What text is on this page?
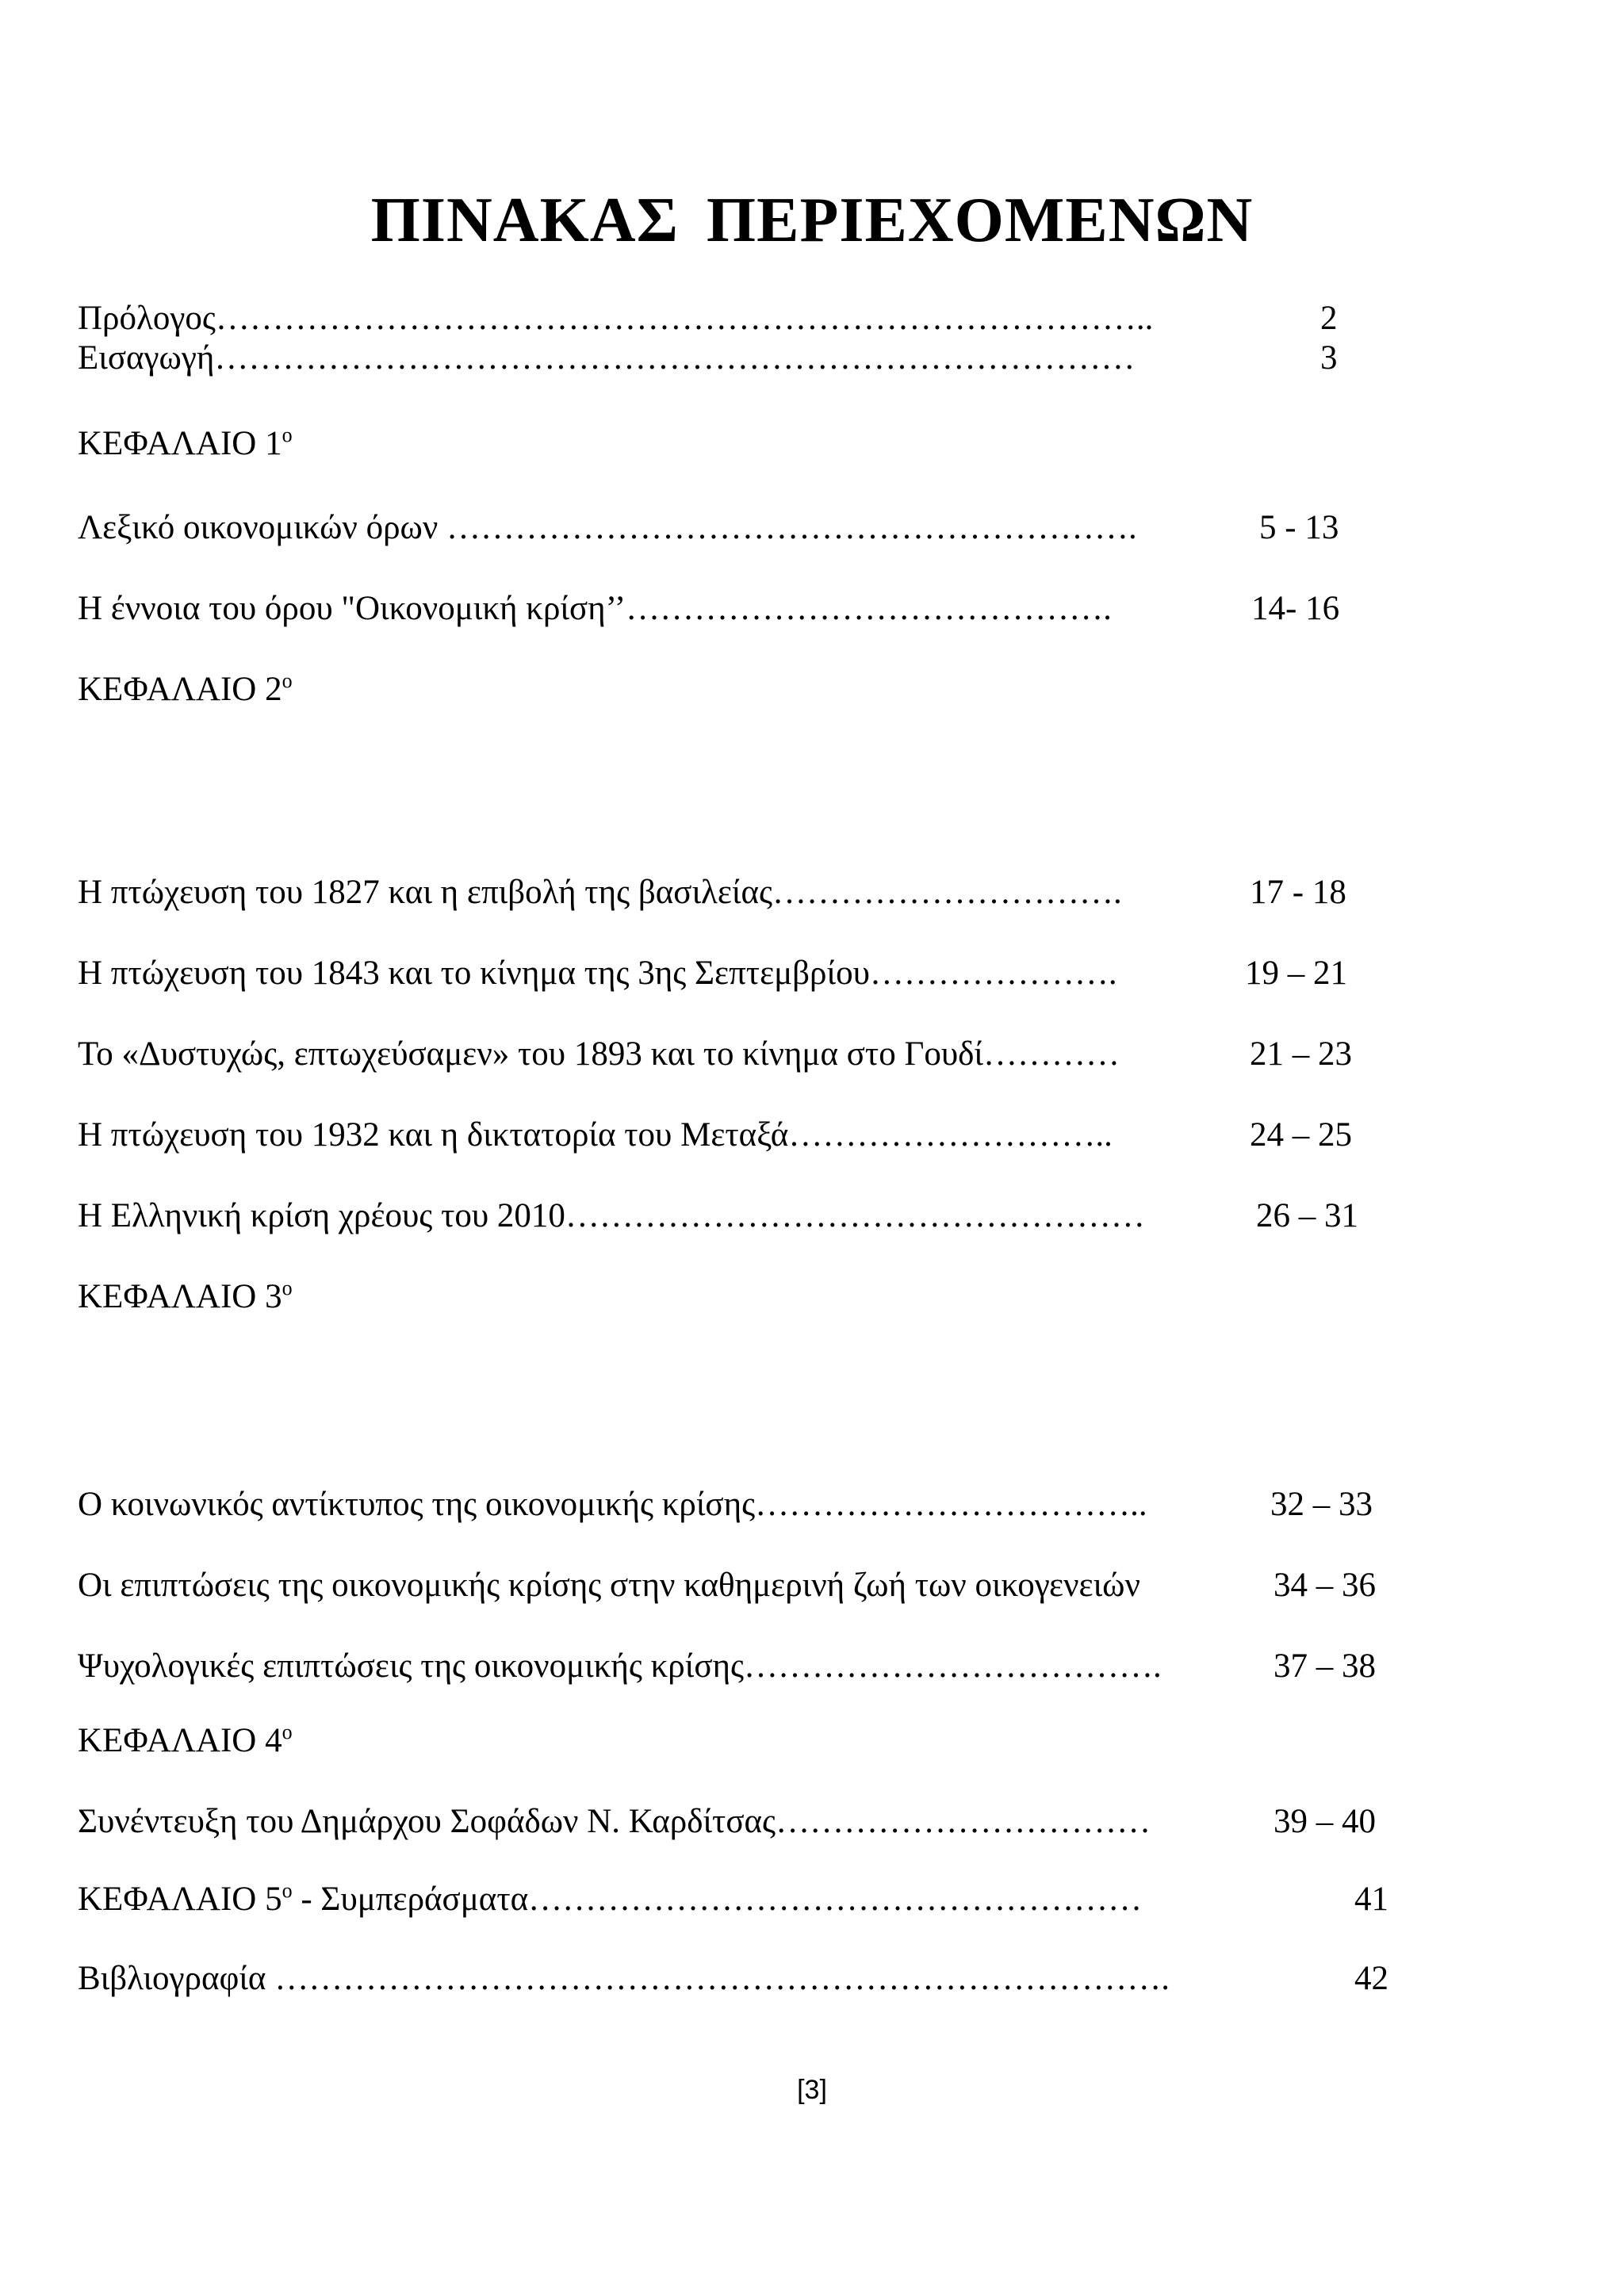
ΠΙΝΑΚΑΣ ΠΕΡΙΕΧΟΜΕΝΩΝ
Πρόλογος………………………………………………………………………..	2
Εισαγωγή………………………………………………………………………	3
ΚΕΦΑΛΑΙΟ $1^o$
Λεξικό οικονομικών όρων …………………………………………………….	5 - 13
Η έννοια του όρου "Οικονομική κρίση’’…………………………………….	14- 16
ΚΕΦΑΛΑΙΟ $2^o$
Η πτώχευση του 1827 και η επιβολή της βασιλείας………………………….	17 - 18
Η πτώχευση του 1843 και το κίνημα της 3ης Σεπτεμβρίου………………….	19 – 21
Το «Δυστυχώς, επτωχεύσαμεν» του 1893 και το κίνημα στο Γουδί…………	21 – 23
Η πτώχευση του 1932 και η δικτατορία του Μεταξά………………………..	24 – 25
Η Ελληνική κρίση χρέους του 2010……………………………………………	26 – 31
ΚΕΦΑΛΑΙΟ $3^o$
Ο κοινωνικός αντίκτυπος της οικονομικής κρίσης……………………………..	32 – 33
Οι επιπτώσεις της οικονομικής κρίσης στην καθημερινή ζωή των οικογενειών	34 – 36
Ψυχολογικές επιπτώσεις της οικονομικής κρίσης……………………………….	37 – 38
ΚΕΦΑΛΑΙΟ $4^o$
Συνέντευξη του Δημάρχου Σοφάδων Ν. Καρδίτσας……………………………	39 – 40
ΚΕΦΑΛΑΙΟ $5^o$ - Συμπεράσματα………………………………………………	41
Βιβλιογραφία …………………………………………………………………….	42
[3]
